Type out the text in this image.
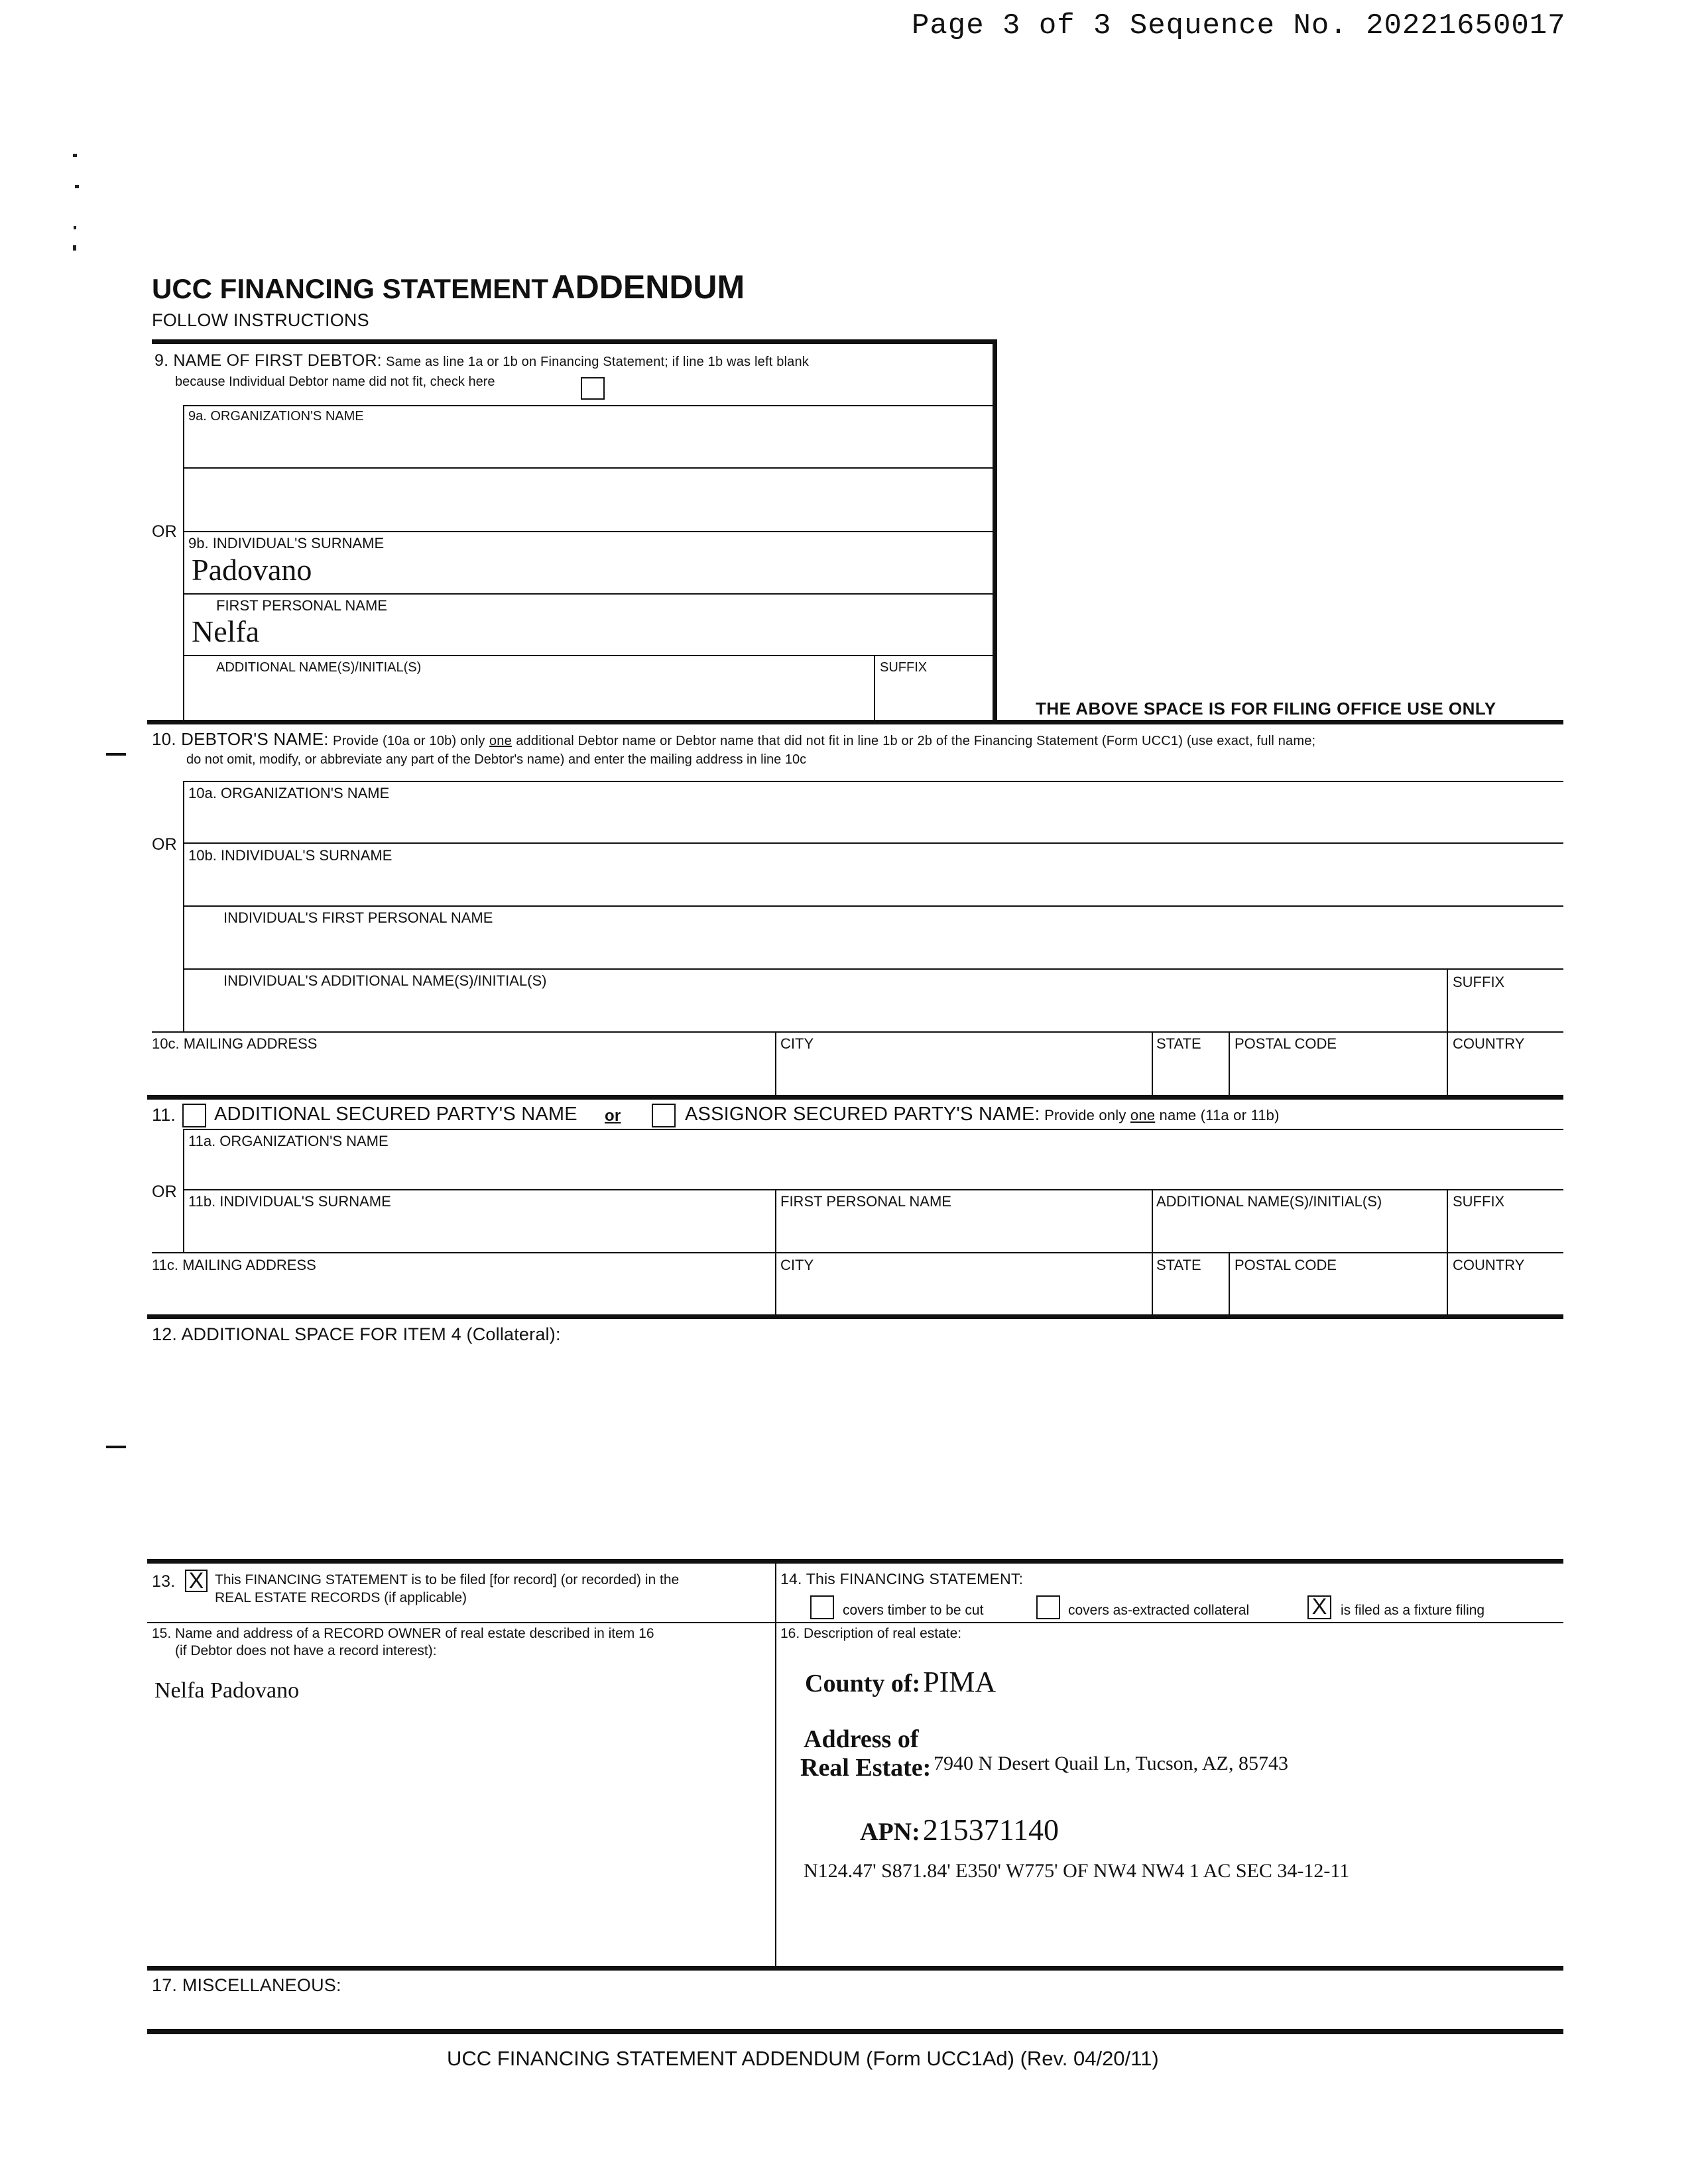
Page 3 of 3 Sequence No. 20221650017
UCC FINANCING STATEMENT ADDENDUM
FOLLOW INSTRUCTIONS
9. NAME OF FIRST DEBTOR: Same as line 1a or 1b on Financing Statement; if line 1b was left blank
because Individual Debtor name did not fit, check here
9a. ORGANIZATION'S NAME
OR
9b. INDIVIDUAL'S SURNAME
Padovano
FIRST PERSONAL NAME
Nelfa
ADDITIONAL NAME(S)/INITIAL(S)	SUFFIX
THE ABOVE SPACE IS FOR FILING OFFICE USE ONLY
10. DEBTOR'S NAME: Provide (10a or 10b) only one additional Debtor name or Debtor name that did not fit in line 1b or 2b of the Financing Statement (Form UCC1) (use exact, full name;
do not omit, modify, or abbreviate any part of the Debtor's name) and enter the mailing address in line 10c
10a. ORGANIZATION'S NAME
OR
10b. INDIVIDUAL'S SURNAME
INDIVIDUAL'S FIRST PERSONAL NAME
INDIVIDUAL'S ADDITIONAL NAME(S)/INITIAL(S)	SUFFIX
10c. MAILING ADDRESS	CITY	STATE POSTAL CODE	COUNTRY
11. ADDITIONAL SECURED PARTY'S NAME or	ASSIGNOR SECURED PARTY'S NAME: Provide only one name (11a or 11b)
11a. ORGANIZATION'S NAME
OR
11b. INDIVIDUAL'S SURNAME	FIRST PERSONAL NAME	ADDITIONAL NAME(S)/INITIAL(S)	SUFFIX
11c. MAILING ADDRESS	CITY	STATE POSTAL CODE	COUNTRY
12. ADDITIONAL SPACE FOR ITEM 4 (Collateral):
13. X This FINANCING STATEMENT is to be filed [for record] (or recorded) in the
REAL ESTATE RECORDS (if applicable)
14. This FINANCING STATEMENT:
covers timber to be cut	covers as-extracted collateral	X is filed as a fixture filing
15. Name and address of a RECORD OWNER of real estate described in item 16
(if Debtor does not have a record interest):
Nelfa Padovano
16. Description of real estate:
County of: PIMA
Address of
Real Estate: 7940 N Desert Quail Ln, Tucson, AZ, 85743
APN: 215371140
N124.47' S871.84' E350' W775' OF NW4 NW4 1 AC SEC 34-12-11
17. MISCELLANEOUS:
UCC FINANCING STATEMENT ADDENDUM (Form UCC1Ad) (Rev. 04/20/11)
